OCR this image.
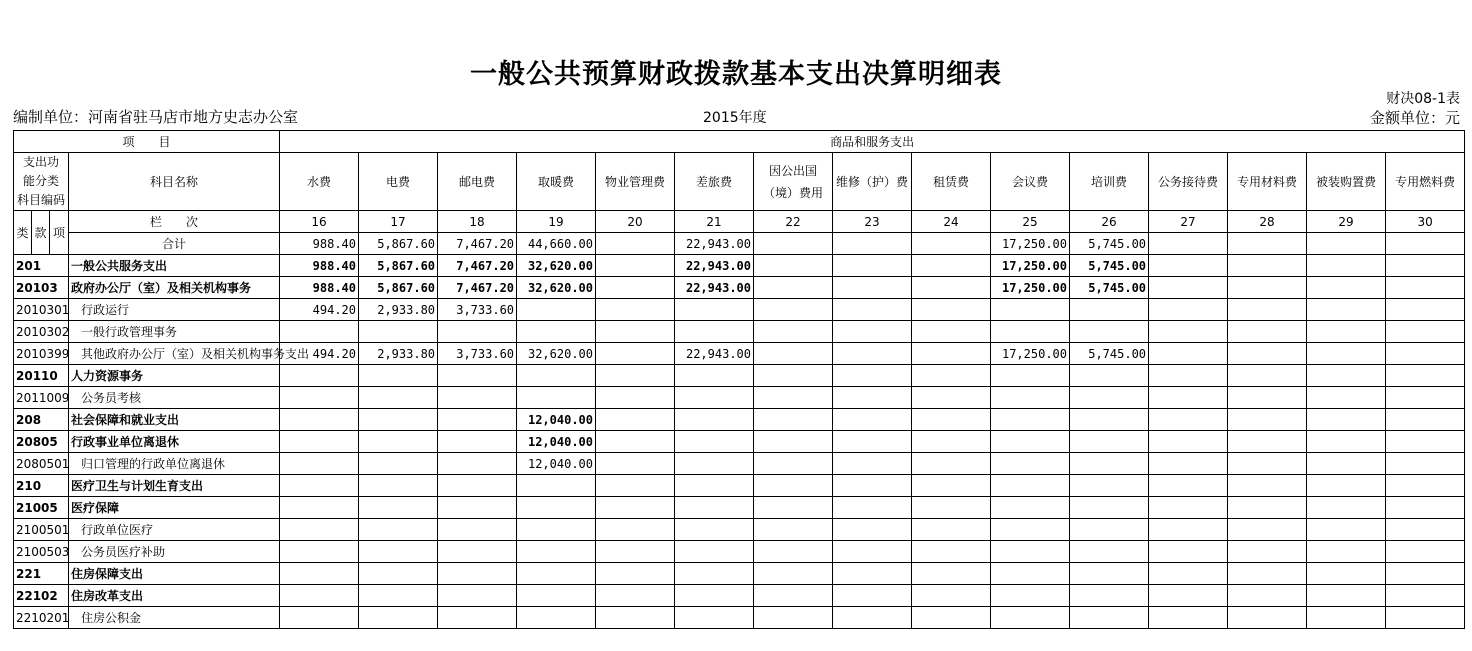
一般公共预算财政拨款基本支出决算明细表
财决08-1表
编制单位：河南省驻马店市地方史志办公室	2015年度	金额单位：元
项　　目				商品和服务支出														
支出功
能分类
科目编码			科目名称	水费	电费	邮电费	取暖费	物业管理费	差旅费	因公出国
（境）费用	维修（护）费	租赁费	会议费	培训费	公务接待费	专用材料费	被装购置费	专用燃料费
类	款	项	栏　　次	16	17	18	19	20	21	22	23	24	25	26	27	28	29	30
			合计	988.40	5,867.60	7,467.20	44,660.00		22,943.00				17,250.00	5,745.00				
201			一般公共服务支出	988.40	5,867.60	7,467.20	32,620.00		22,943.00				17,250.00	5,745.00				
20103			政府办公厅（室）及相关机构事务	988.40	5,867.60	7,467.20	32,620.00		22,943.00				17,250.00	5,745.00				
2010301			行政运行	494.20	2,933.80	3,733.60												
2010302			一般行政管理事务															
2010399			其他政府办公厅（室）及相关机构事务支出	494.20	2,933.80	3,733.60	32,620.00		22,943.00				17,250.00	5,745.00				
20110			人力资源事务															
2011009			公务员考核															
208			社会保障和就业支出				12,040.00											
20805			行政事业单位离退休				12,040.00											
2080501			归口管理的行政单位离退休				12,040.00											
210			医疗卫生与计划生育支出															
21005			医疗保障															
2100501			行政单位医疗															
2100503			公务员医疗补助															
221			住房保障支出															
22102			住房改革支出															
2210201			住房公积金															
